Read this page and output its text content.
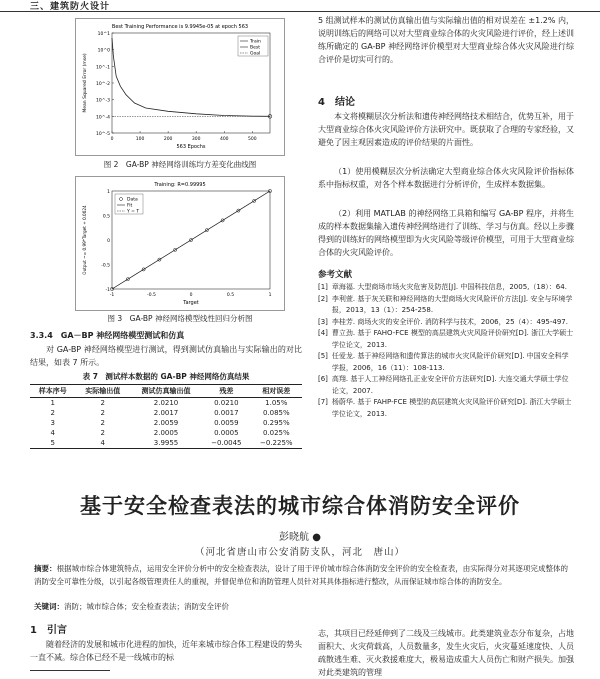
三、建筑防火设计
Best Training Performance is 9.9945e-05 at epoch 563
10^1
10^0
10^-1
10^-2
10^-3
10^-4
10^-5
0	100	200	300	400	500
563 Epochs
Mean Squared Error (mse)
Train
Best
Goal
图 2　GA-BP 神经网络训练均方差变化曲线图
Training: R=0.99995
-1	-0.5	0	0.5	1
1
0.5
0
-0.5
-1
Target
Output ~= 0.99*Target + 0.0024
Data
Fit
Y = T
图 3　GA-BP 神经网络模型线性回归分析图
3.3.4　GA－BP 神经网络模型测试和仿真
对 GA-BP 神经网络模型进行测试，得到测试仿真输出与实际输出的对比结果，如表 7 所示。
表 7　测试样本数据的 GA-BP 神经网络仿真结果
样本序号	实际输出值	测试仿真输出值	残差	相对误差
1	2	2.0210	0.0210	1.05%
2	2	2.0017	0.0017	0.085%
3	2	2.0059	0.0059	0.295%
4	2	2.0005	0.0005	0.025%
5	4	3.9955	−0.0045	−0.225%
5 组测试样本的测试仿真输出值与实际输出值的相对误差在 ±1.2% 内，说明训练后的网络可以对大型商业综合体的火灾风险进行评价，经上述训练所确定的 GA-BP 神经网络评价模型对大型商业综合体火灾风险进行综合评价是切实可行的。
4　结论
本文将模糊层次分析法和遗传神经网络技术相结合，优势互补，用于大型商业综合体火灾风险评价方法研究中。既获取了合理的专家经验，又避免了因主观因素造成的评价结果的片面性。
（1）使用模糊层次分析法确定大型商业综合体火灾风险评价指标体系中指标权重，对各个样本数据进行分析评价，生成样本数据集。
（2）利用 MATLAB 的神经网络工具箱和编写 GA-BP 程序，并将生成的样本数据集输入遗传神经网络进行了训练、学习与仿真。经以上步骤得到的训练好的网络模型即为火灾风险等级评价模型，可用于大型商业综合体的火灾风险评价。
参考文献
[1] 章海福. 大型商场市场火灾危害及防范[J]. 中国科技信息，2005,（18）：64.
[2] 李利萱. 基于灰关联和神经网络的大型商场火灾风险评价方法[J]. 安全与环境学报，2013，13（1）：254-258.
[3] 李桂芳. 商场火灾的安全评价. 消防科学与技术，2006，25（4）：495-497.
[4] 曹立劲. 基于 FAHO-FCE 模型的高层建筑火灾风险评价研究[D]. 浙江大学硕士学位论文，2013.
[5] 任爱龙. 基于神经网络和遗传算法的城市火灾风险评价研究[D]. 中国安全科学学报，2006，16（11）：108-113.
[6] 高翔. 基于人工神经网络孔正业安全评价方法研究[D]. 大连交通大学硕士学位论文，2007.
[7] 杨蔚华. 基于 FAHP-FCE 模型的高层建筑火灾风险评价研究[D]. 浙江大学硕士学位论文，2013.
基于安全检查表法的城市综合体消防安全评价
彭晓航 ●
（河北省唐山市公安消防支队，河北　唐山）
摘要：根据城市综合体建筑特点，运用安全评价分析中的安全检查表法，设计了用于评价城市综合体消防安全评价的安全检查表，由实际得分对其逐项完成整体的消防安全可靠性分级，以引起各级管理责任人的重视，并督促单位和消防管理人员针对其具体指标进行整改，从而保证城市综合体的消防安全。
关键词：消防；城市综合体；安全检查表法；消防安全评价
1　引言
随着经济的发展和城市化进程的加快，近年来城市综合体工程建设的势头一直不减。综合体已经不是一线城市的标
志，其项目已经延伸到了二线及三线城市。此类建筑业态分布复杂，占地面积大、火灾荷载高，人员数量多，发生火灾后，火灾蔓延速度快、人员疏散逃生难、灭火救援难度大，极易造成重大人员伤亡和财产损失。加强对此类建筑的管理
